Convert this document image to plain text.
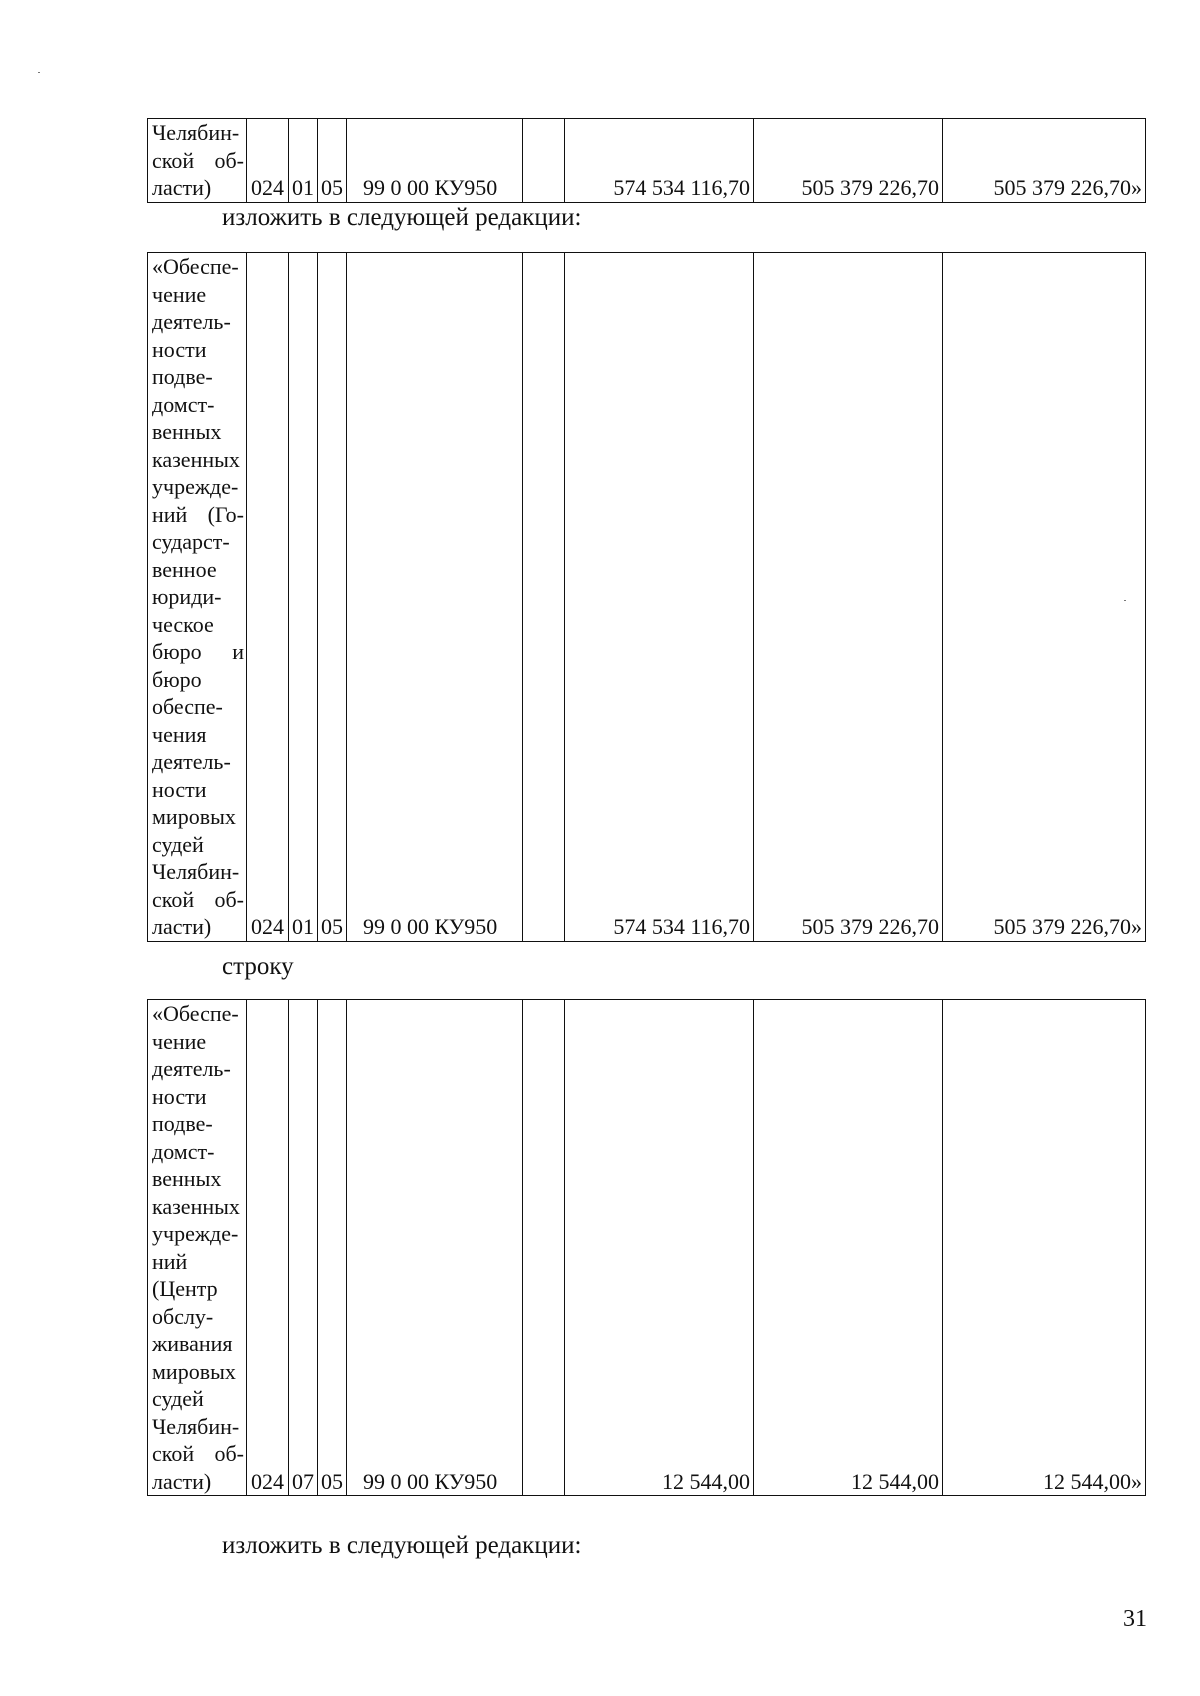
Челябин-
ской об-
ласти)	024	01	05	99 0 00 КУ950		574 534 116,70	505 379 226,70	505 379 226,70»
изложить в следующей редакции:
«Обеспе-
чение
деятель-
ности
подве-
домст-
венных
казенных
учрежде-
ний (Го-
сударст-
венное
юриди-
ческое
бюро и
бюро
обеспе-
чения
деятель-
ности
мировых
судей
Челябин-
ской об-
ласти)	024	01	05	99 0 00 КУ950		574 534 116,70	505 379 226,70	505 379 226,70»
строку
«Обеспе-
чение
деятель-
ности
подве-
домст-
венных
казенных
учрежде-
ний
(Центр
обслу-
живания
мировых
судей
Челябин-
ской об-
ласти)	024	07	05	99 0 00 КУ950		12 544,00	12 544,00	12 544,00»
изложить в следующей редакции:
31
